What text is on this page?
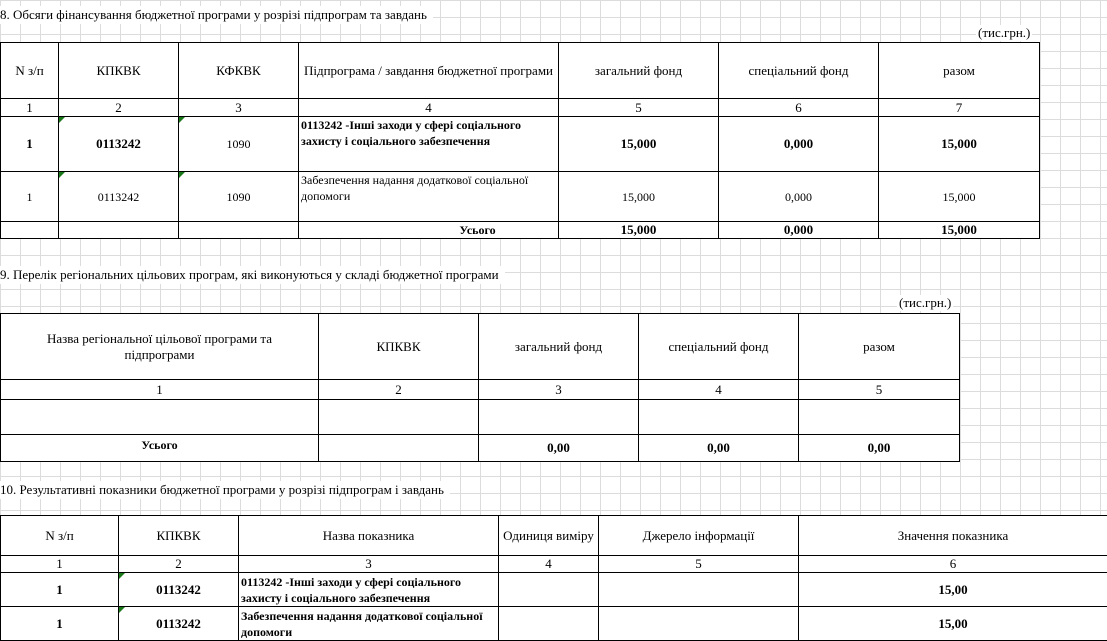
8. Обсяги фінансування бюджетної програми у розрізі підпрограм та завдань
(тис.грн.)
N з/п	КПКВК	КФКВК	Підпрограма / завдання бюджетної програми	загальний фонд	спеціальний фонд	разом
1	2	3	4	5	6	7
1	0113242	1090	0113242 -Інші заходи у сфері соціального захисту і соціального забезпечення	15,000	0,000	15,000
1	0113242	1090	Забезпечення надання додаткової соціальної допомоги	15,000	0,000	15,000
			Усього	15,000	0,000	15,000
9. Перелік регіональних цільових програм, які виконуються у складі бюджетної програми
(тис.грн.)
Назва регіональної цільової програми та підпрограми	КПКВК	загальний фонд	спеціальний фонд	разом
1	2	3	4	5

Усього		0,00	0,00	0,00
10. Результативні показники бюджетної програми у розрізі підпрограм і завдань
N з/п	КПКВК	Назва показника	Одиниця виміру	Джерело інформації	Значення показника
1	2	3	4	5	6
1	0113242	0113242 -Інші заходи у сфері соціального захисту і соціального забезпечення			15,00
1	0113242	Забезпечення надання додаткової соціальної допомоги			15,00
